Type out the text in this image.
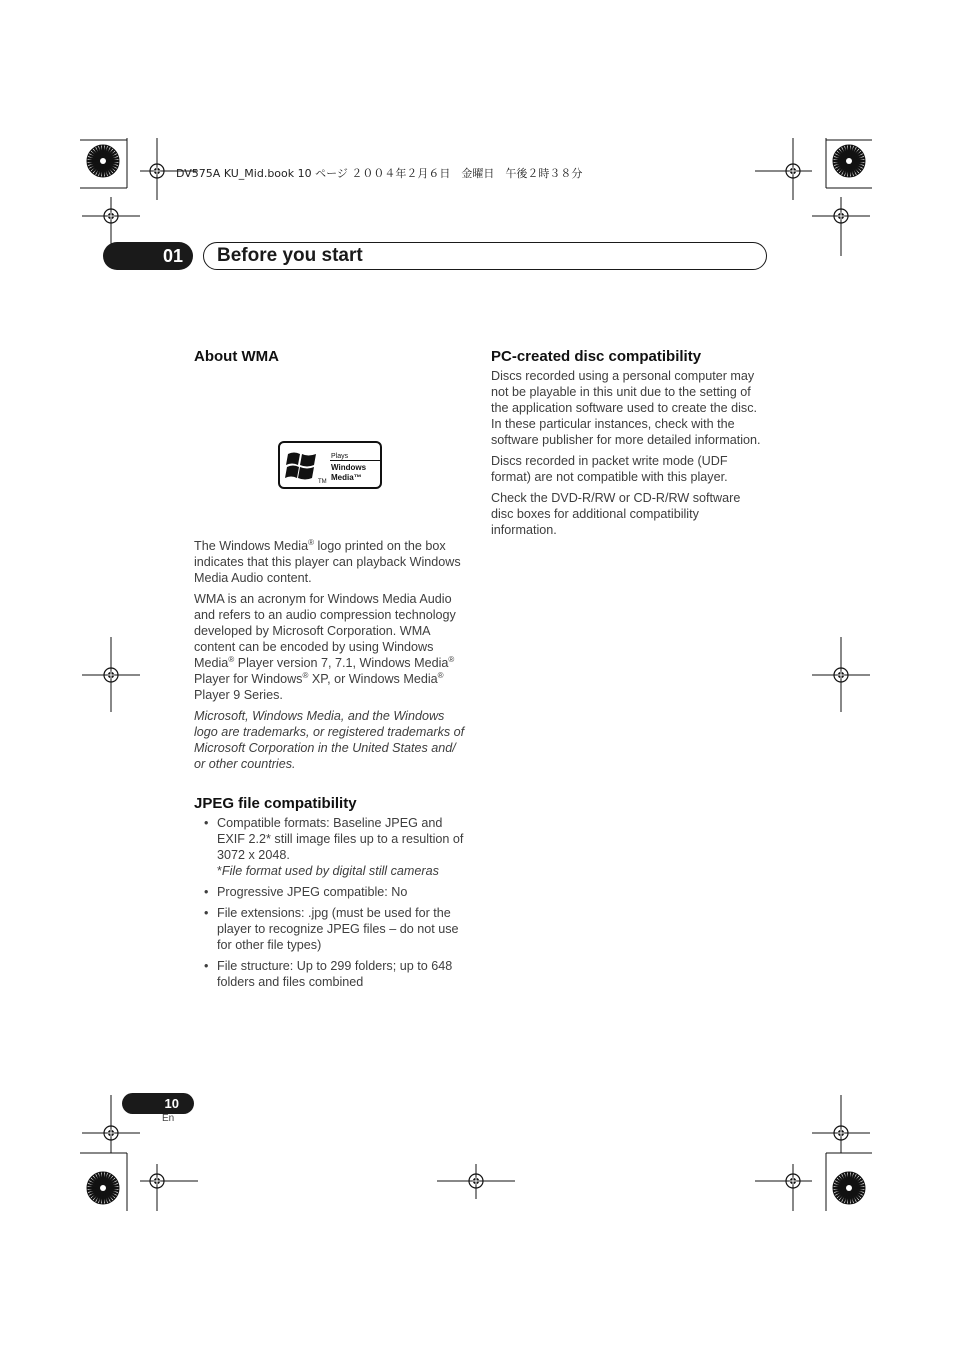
DV575A KU_Mid.book 10 ページ ２００４年２月６日　金曜日　午後２時３８分
01	Before you start
About WMA
TM
Plays
Windows
Media™

The Windows Media® logo printed on the box indicates that this player can playback Windows Media Audio content.

WMA is an acronym for Windows Media Audio and refers to an audio compression technology developed by Microsoft Corporation. WMA content can be encoded by using Windows Media® Player version 7, 7.1, Windows Media® Player for Windows® XP, or Windows Media® Player 9 Series.

Microsoft, Windows Media, and the Windows logo are trademarks, or registered trademarks of Microsoft Corporation in the United States and/ or other countries.

JPEG file compatibility
• Compatible formats: Baseline JPEG and EXIF 2.2* still image files up to a resultion of 3072 x 2048.
*File format used by digital still cameras
• Progressive JPEG compatible: No
• File extensions: .jpg (must be used for the player to recognize JPEG files – do not use for other file types)
• File structure: Up to 299 folders; up to 648 folders and files combined
PC-created disc compatibility

Discs recorded using a personal computer may not be playable in this unit due to the setting of the application software used to create the disc. In these particular instances, check with the software publisher for more detailed information.

Discs recorded in packet write mode (UDF format) are not compatible with this player.

Check the DVD-R/RW or CD-R/RW software disc boxes for additional compatibility information.

10
En
